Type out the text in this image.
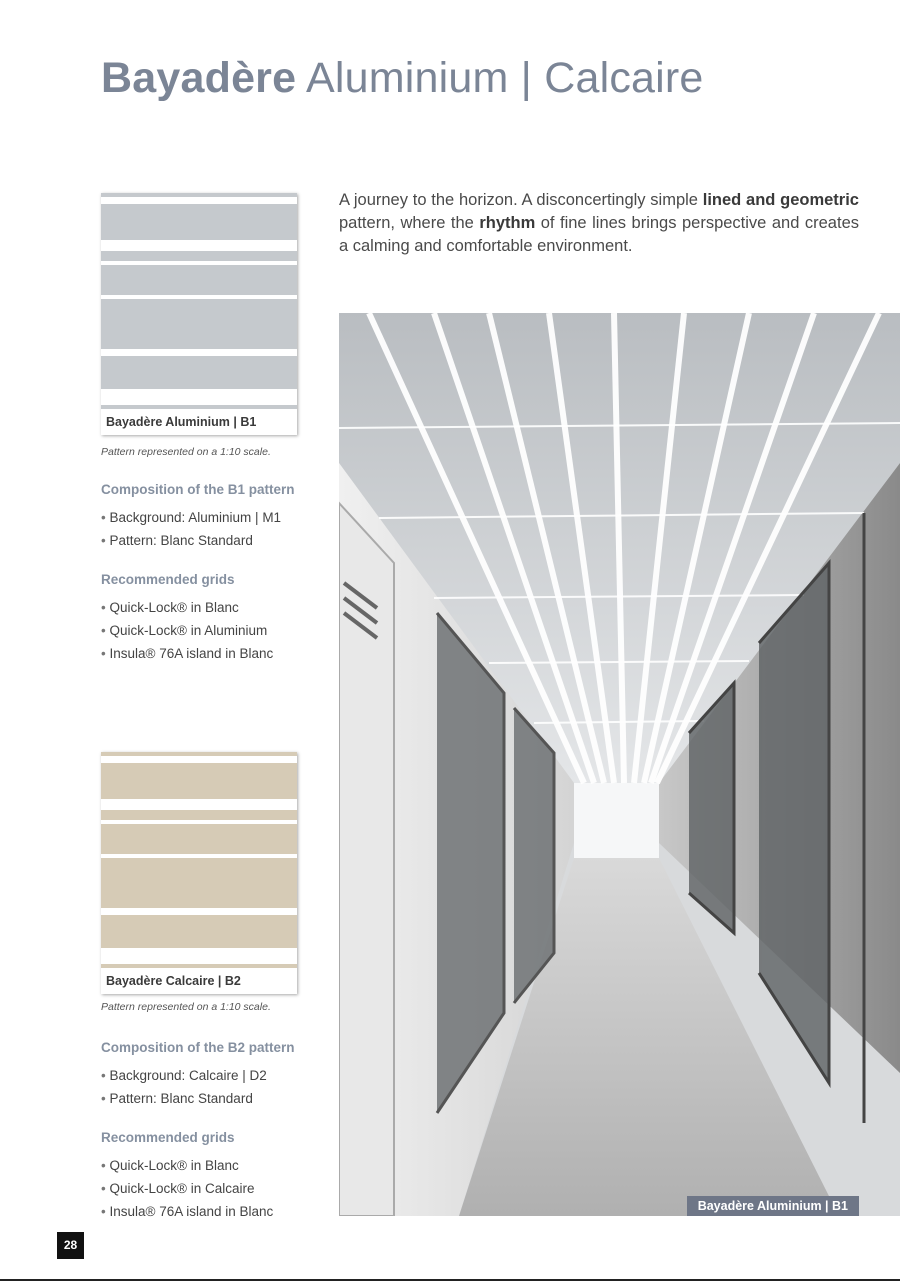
Bayadère Aluminium | Calcaire
A journey to the horizon. A disconcertingly simple lined and geometric pattern, where the rhythm of fine lines brings perspective and creates a calming and comfortable environment.
Bayadère Aluminium | B1
Pattern represented on a 1:10 scale.
Composition of the B1 pattern
• Background: Aluminium | M1
• Pattern: Blanc Standard
Recommended grids
• Quick-Lock® in Blanc
• Quick-Lock® in Aluminium
• Insula® 76A island in Blanc
Bayadère Calcaire | B2
Pattern represented on a 1:10 scale.
Composition of the B2 pattern
• Background: Calcaire | D2
• Pattern: Blanc Standard
Recommended grids
• Quick-Lock® in Blanc
• Quick-Lock® in Calcaire
• Insula® 76A island in Blanc	Bayadère Aluminium | B1
28
